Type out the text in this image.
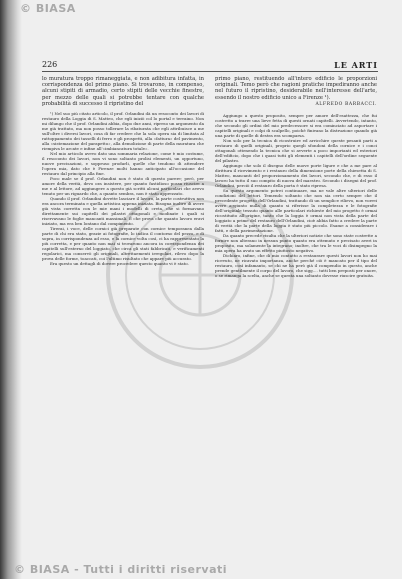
© BIASA
226	LE ARTI

lo muratura troppo rimaneggiata, e non adibitura infatta, in corrispondenza del primo piano. Si trovarono, in compenso, alcuni stipiti di armadio, certo stipiti delle vecchie finestre, per mezzo delle quali si potrebbe tentare con qualche probabilità di successo il ripristino del

¹) Nel suo più citato articolo, il prof. Orlandini dà un resoconto dei lavori di restauro della Loggia di S. Matteo, che egli iniziò col lo portal e terraino. Non mi dilungo che il prof. Orlandini abbia, dopo due anni, ripreso un argomento da me già trattato, ma non posso tollerare la ribaturata che egli attribuisce a me sull'oltre i diversi lavori, cosa di far credere che la sola opera sia di limitata al rattoppamento dei tasselli di ferro e gli prospetti, alla «fattura» del pavimento, alla «sistemazione del parapetto», alla demolizione di parte della muratura che riempiva le arcate e infine all'«imbiancatura totale».

Nel mio articolo avevo dato una sommaria relazione, come è mio costume, il resoconto dei lavori, non vi sono soltanto prolisi elementi, un opportuno, nuove precisazioni, e soppruso produrli, quelle che tendono di attendere l'opera mia, dato che è Firenze molti hanno anticipato all'occasione del restauro dal principio alla fine.

Poco male se il prof. Orlandini non è stato di questo parere; però, per amore della verità, devo ora insistere, per quanto fastidioso possa riuscire a me e al lettore, ad aggiungere a questo già scritti alcuni particolari che avevo tenuto per un riguardo che, a quanto sembra, non è stato apprezzato.

Quando il prof. Orlandini dovette lasciare il lavoro, la parte costruttiva non era ancora terminata e quella artistica appena iniziata. Bisogna inoltre di avere già vista corretta con le mie mani i modelli di creta, che si formavano direttamente sui capitelli dei pilastri ottagonali e modinate i quali si riservavano le foglie mancanti massimali. È che prova che quanto lavoro eravi iniziato, ma era ben lontano dal compimento.

Tirerai, i voce, delle cornici già preparate con cornice temporanea dalla parte di chi era stato, grazie ai fotografie, lo indica il contorno del pezzo, e di sopra, in corrispondenza ad esso, e la cornice volta così, ci ha rappresentato la più corretta, e per quanto non mai si trovarono ancora in corrispondenza dei capitelli sull'esterno del loggiato, che circa gli stati fabbricati, e verificamenti regolarici, ma conservò gli originali, altrettaementi irregolari, rilevo dopo la prova delle forme, toaccati, coi l'ultimo risultato che appare più accurato.

Era questo un dettagli di dovere procedere questo quanto vi è stato.

primo piano, restituendo all'intero edificio le proporzioni originali. Temo però che ragioni pratiche impediranno anche nel futuro il ripristino, desiderabile nell'interesse dell'arte, essendo il nostro edificio unico a Firenze ¹).

ALFREDO BARBACCI.

Aggiungo a questo proposito, sempre per amore dell'esattezza, che fui costretto a trarre una lieve fetta di questi ornati capitelli. Avvertendo, intanto, che secondo gli ordini del mio predecessore si era cominciato ad asportare i capitelli originali e colpi di scalpello, poichè finivano la distruzione quando già una parte di quelle di destra era scomparsa.

Non solo per la tecnica di ricostruire ed arricchire queste pesanti parti a restauro di quelli originali, proprio quegli sfondoni della cornice e i conci ottagonali ottenendo la tecnica che si avverte a poco importanti ed esteriori dell'edificio, dopo che i quasi tutti gli elementi i capitelli dell'ordine seguente del pilastro.

Aggiungo che solo il disegno delle nuove porte ligure e che a me pare al dirittura il ricevimento e i restauro della dimensione porte della chiesetta di S. Matteo, mancanti del proporzionamento dei lavori, secondo che, e di esso il lavoro ha tutto il suo compito di nuova del maestro. Secondo i disegni del prof. Orlandini, perciò il restauro della porta è stato ripresa.

Su questo argomento potrei continuare, ma ne vale altre ulteriori delle condizioni del lettori. Temendo soltanto che non sia certo sempre che il precedente progetto dell'Orlandini, trattando di un semplice rilievo, non vorrei avere aggiunto nulla di quanto si riferisse la completezza e le fotografie dell'originale tessuto quanto alle particolari richieste del mio progetto è ormai ricostituito all'origine, tanto che la loggia è ormai non vista della parte del loggiato a prime del restauro dell'Orlandini, cioè abbia fatto a credere la parte di verità che la parte della loggia è stato più piccolo. Esame a considerare i fatti, e della pavimentazione.

Da quanto precede risulta che la ulteriori notizie che sono state costrette a fornire non alterano in nessun punto quanto era ottemuto e precisato averi in proposito, ma solamente la integrano; inoltre, che tra le voci di disimpegno la mia opera ha avuto un effetto piuttosto negativo.

Dichiaro, infine, che di mio contatto a restaurare questi lavori non ho mai ricevuto, ne ricavato importanza, anche perché ciò è mancato per il tipo del restauro, così infamanto, se chi ne ha però già il compendio in questo, anche prende gentilmente il corpo del lavoro, che sigg.... tutti ben preposti per onore, o se rimanga la scelta, anche se questa una soltanto dovesse riuscire gratuita.

© BIASA - Tutti i diritti riservati
